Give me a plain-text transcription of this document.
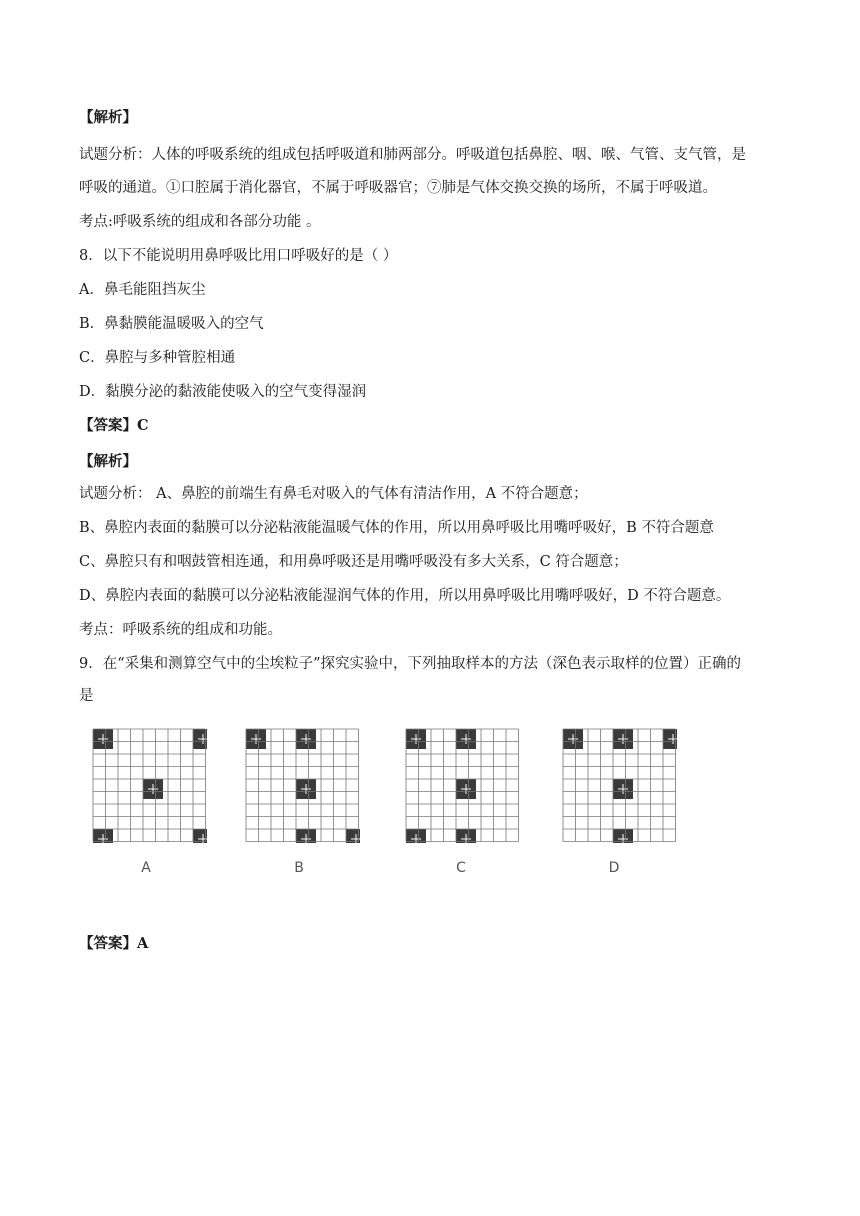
【解析】
试题分析：人体的呼吸系统的组成包括呼吸道和肺两部分。呼吸道包括鼻腔、咽、喉、气管、支气管，是
呼吸的通道。①口腔属于消化器官，不属于呼吸器官；⑦肺是气体交换交换的场所，不属于呼吸道。
考点:呼吸系统的组成和各部分功能 。
8．以下不能说明用鼻呼吸比用口呼吸好的是（ ）
A．鼻毛能阻挡灰尘
B．鼻黏膜能温暖吸入的空气
C．鼻腔与多种管腔相通
D．黏膜分泌的黏液能使吸入的空气变得湿润
【答案】C
【解析】
试题分析： A、鼻腔的前端生有鼻毛对吸入的气体有清洁作用，A 不符合题意；
B、鼻腔内表面的黏膜可以分泌粘液能温暖气体的作用，所以用鼻呼吸比用嘴呼吸好，B 不符合题意
C、鼻腔只有和咽鼓管相连通，和用鼻呼吸还是用嘴呼吸没有多大关系，C 符合题意；
D、鼻腔内表面的黏膜可以分泌粘液能湿润气体的作用，所以用鼻呼吸比用嘴呼吸好，D 不符合题意。
考点：呼吸系统的组成和功能。
9．在“采集和测算空气中的尘埃粒子”探究实验中，下列抽取样本的方法（深色表示取样的位置）正确的
是
A	B	C	D
【答案】A
